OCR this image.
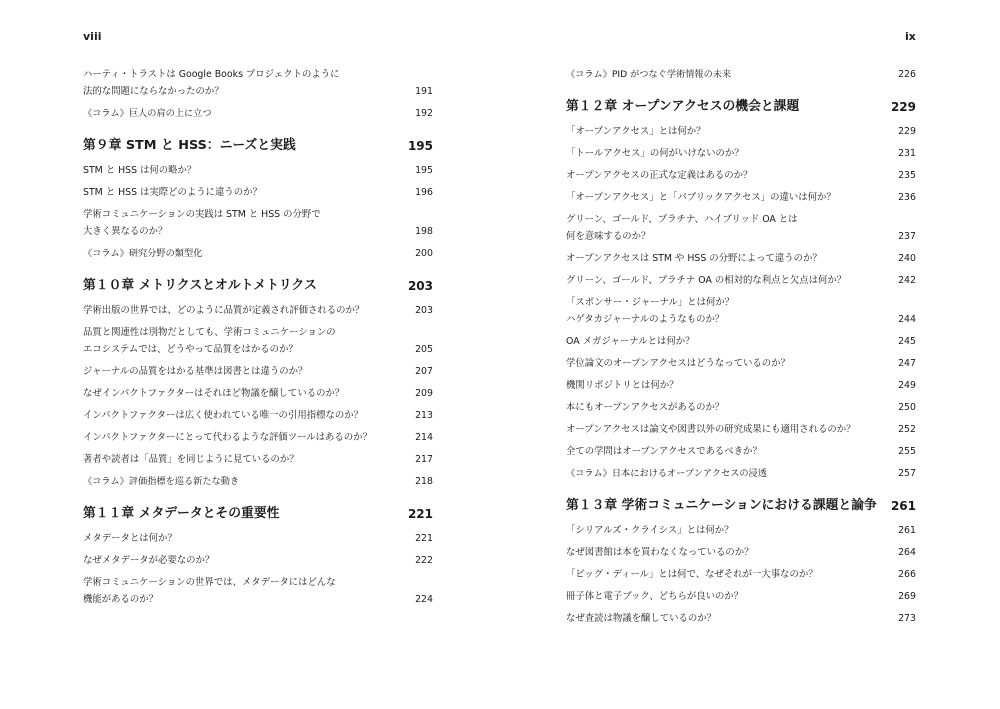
viii	ix
ハーティ・トラストは Google Books プロジェクトのように
法的な問題にならなかったのか？	191
《コラム》巨人の肩の上に立つ	192
第９章 STM と HSS：ニーズと実践	195
STM と HSS は何の略か？	195
STM と HSS は実際どのように違うのか？	196
学術コミュニケーションの実践は STM と HSS の分野で
大きく異なるのか？	198
《コラム》研究分野の類型化	200
第１０章 メトリクスとオルトメトリクス	203
学術出版の世界では、どのように品質が定義され評価されるのか？	203
品質と関連性は別物だとしても、学術コミュニケーションの
エコシステムでは、どうやって品質をはかるのか？	205
ジャーナルの品質をはかる基準は図書とは違うのか？	207
なぜインパクトファクターはそれほど物議を醸しているのか？	209
インパクトファクターは広く使われている唯一の引用指標なのか？	213
インパクトファクターにとって代わるような評価ツールはあるのか？	214
著者や読者は「品質」を同じように見ているのか？	217
《コラム》評価指標を巡る新たな動き	218
第１１章 メタデータとその重要性	221
メタデータとは何か？	221
なぜメタデータが必要なのか？	222
学術コミュニケーションの世界では、メタデータにはどんな
機能があるのか？	224
《コラム》PID がつなぐ学術情報の未来	226
第１２章 オープンアクセスの機会と課題	229
「オープンアクセス」とは何か？	229
「トールアクセス」の何がいけないのか？	231
オープンアクセスの正式な定義はあるのか？	235
「オープンアクセス」と「パブリックアクセス」の違いは何か？	236
グリーン、ゴールド、プラチナ、ハイブリッド OA とは
何を意味するのか？	237
オープンアクセスは STM や HSS の分野によって違うのか？	240
グリーン、ゴールド、プラチナ OA の相対的な利点と欠点は何か？	242
「スポンサー・ジャーナル」とは何か？
ハゲタカジャーナルのようなものか？	244
OA メガジャーナルとは何か？	245
学位論文のオープンアクセスはどうなっているのか？	247
機関リポジトリとは何か？	249
本にもオープンアクセスがあるのか？	250
オープンアクセスは論文や図書以外の研究成果にも適用されるのか？	252
全ての学問はオープンアクセスであるべきか？	255
《コラム》日本におけるオープンアクセスの浸透	257
第１３章 学術コミュニケーションにおける課題と論争	261
「シリアルズ・クライシス」とは何か？	261
なぜ図書館は本を買わなくなっているのか？	264
「ビッグ・ディール」とは何で、なぜそれが一大事なのか？	266
冊子体と電子ブック、どちらが良いのか？	269
なぜ査読は物議を醸しているのか？	273
